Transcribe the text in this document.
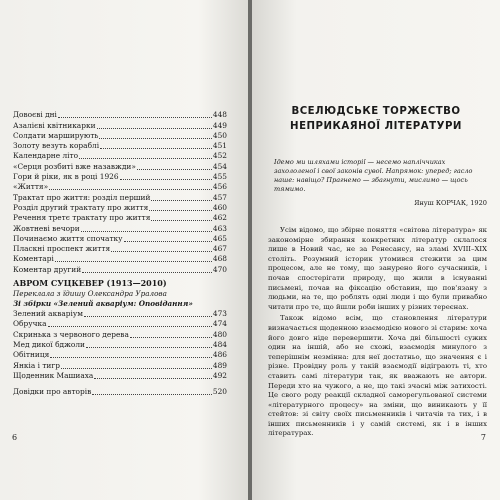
Довоєві дні	448
Азалієві квітникарки	449
Солдати марширують	450
Золоту везуть кораблі	451
Календарне літо	452
«Серця розбиті вже назавжди»	454
Гори й ріки, як в році 1926	455
«Життя»	456
Трактат про життя: розділ перший	457
Розділ другий трактату про життя	460
Речення третє трактату про життя	462
Жовтневі вечори	463
Починаємо життя спочатку	465
Пласкні проспект життя	467
Коментарі	468
Коментар другий	470
АВРОМ СУЦКЕВЕР (1913—2010)
Переклала з їдишу Олександра Уралова
Зі збірки «Зелений акваріум: Оповідання»
Зелений акваріум	473
Обручка	474
Скринька з червоного дерева	480
Мед дикої бджоли	484
Обітниця	486
Янкіа і тигр	489
Щоденник Машиаха	492
Довідки про авторів	520
6
ВСЕЛЮДСЬКЕ ТОРЖЕСТВО
НЕПРИКАЯНОЇ ЛІТЕРАТУРИ
Ідемо ми шляхами історії — несемо напліччиках захололеної і свої законів сувої. Напрямок: уперед; гасло наше: навіщо? Прагнемо — збагнути, мислимо — щось тямимо.
Януш КОРЧАК, 1920

Усім відомо, що збірне поняття «світова література» як закономірне збирання конкретних літератур склалося лише в Новий час, не за Ренесансу, на зламі XVIII–XIX століть. Розумний історик утомився стежити за цим процесом, але не тому, що занурено його сучасників, і почав спостерігати природу, що жили в існуванні письмені, почав на фіксацію обставин, що пов'язану з людьми, на те, що роблять одні люди і що були привабно читати про те, що йшли роби інших у різних тереєнах.

Також відомо всім, що становлення літератури визначається щоденною взаємодією нового зі старим: хоча його довго ніде перевершити. Хоча дві більшості сужих один на іншій, або не схожі, взаємодія минулого з теперішнім незмінна: для неї достатньо, що значення є і різне. Провідну роль у такій взаємодії відіграють ті, хто ставить самі літератури так, як вважають не автори. Переди хто на чужого, а не, що такі зчасні між затихості. Це свого роду реакції складної саморегульованої системи «літературного процесу» на зміни, що виникають у її стейтов: зі світу своїх письменників і читачів та тих, і в інших письменників і у самій системі, як і в інших літературах.	7
